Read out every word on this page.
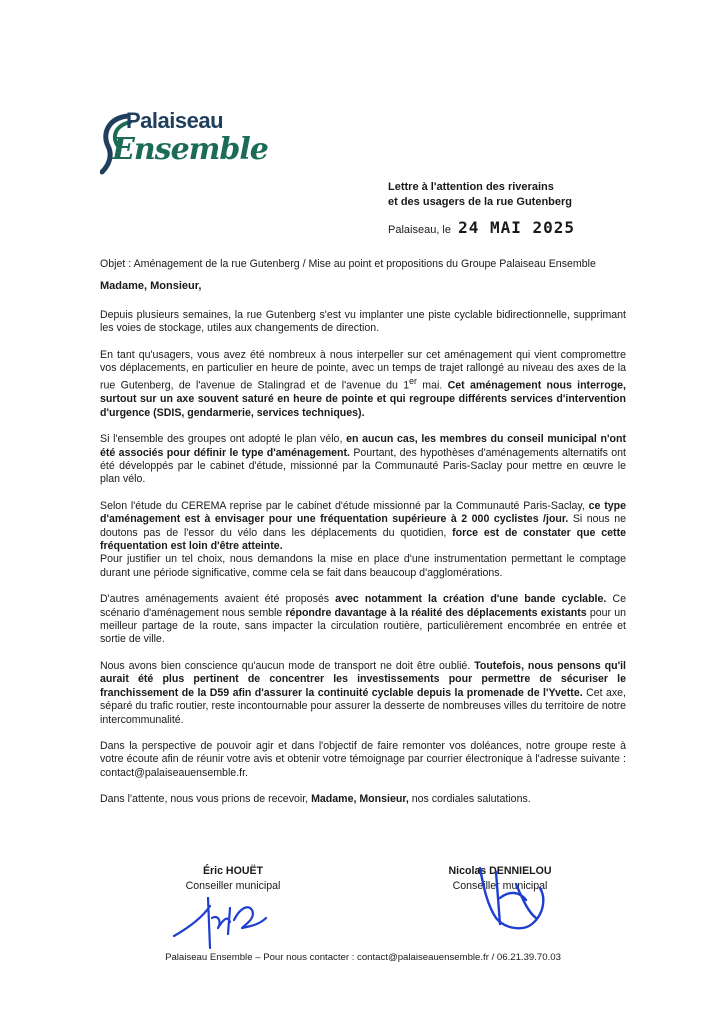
Palaiseau
Ensemble
Lettre à l'attention des riverains
et des usagers de la rue Gutenberg
Palaiseau, le 24 MAI 2025

Objet : Aménagement de la rue Gutenberg / Mise au point et propositions du Groupe Palaiseau Ensemble

Madame, Monsieur,

Depuis plusieurs semaines, la rue Gutenberg s'est vu implanter une piste cyclable bidirectionnelle, supprimant les voies de stockage, utiles aux changements de direction.

En tant qu'usagers, vous avez été nombreux à nous interpeller sur cet aménagement qui vient compromettre vos déplacements, en particulier en heure de pointe, avec un temps de trajet rallongé au niveau des axes de la rue Gutenberg, de l'avenue de Stalingrad et de l'avenue du 1er mai. Cet aménagement nous interroge, surtout sur un axe souvent saturé en heure de pointe et qui regroupe différents services d'intervention d'urgence (SDIS, gendarmerie, services techniques).

Si l'ensemble des groupes ont adopté le plan vélo, en aucun cas, les membres du conseil municipal n'ont été associés pour définir le type d'aménagement. Pourtant, des hypothèses d'aménagements alternatifs ont été développés par le cabinet d'étude, missionné par la Communauté Paris-Saclay pour mettre en œuvre le plan vélo.

Selon l'étude du CEREMA reprise par le cabinet d'étude missionné par la Communauté Paris-Saclay, ce type d'aménagement est à envisager pour une fréquentation supérieure à 2 000 cyclistes /jour. Si nous ne doutons pas de l'essor du vélo dans les déplacements du quotidien, force est de constater que cette fréquentation est loin d'être atteinte.

Pour justifier un tel choix, nous demandons la mise en place d'une instrumentation permettant le comptage durant une période significative, comme cela se fait dans beaucoup d'agglomérations.

D'autres aménagements avaient été proposés avec notamment la création d'une bande cyclable. Ce scénario d'aménagement nous semble répondre davantage à la réalité des déplacements existants pour un meilleur partage de la route, sans impacter la circulation routière, particulièrement encombrée en entrée et sortie de ville.

Nous avons bien conscience qu'aucun mode de transport ne doit être oublié. Toutefois, nous pensons qu'il aurait été plus pertinent de concentrer les investissements pour permettre de sécuriser le franchissement de la D59 afin d'assurer la continuité cyclable depuis la promenade de l'Yvette. Cet axe, séparé du trafic routier, reste incontournable pour assurer la desserte de nombreuses villes du territoire de notre intercommunalité.

Dans la perspective de pouvoir agir et dans l'objectif de faire remonter vos doléances, notre groupe reste à votre écoute afin de réunir votre avis et obtenir votre témoignage par courrier électronique à l'adresse suivante : contact@palaiseauensemble.fr.

Dans l'attente, nous vous prions de recevoir, Madame, Monsieur, nos cordiales salutations.

Éric HOUËT
Conseiller municipal
Nicolas DENNIELOU
Conseiller municipal
Palaiseau Ensemble – Pour nous contacter : contact@palaiseauensemble.fr / 06.21.39.70.03
